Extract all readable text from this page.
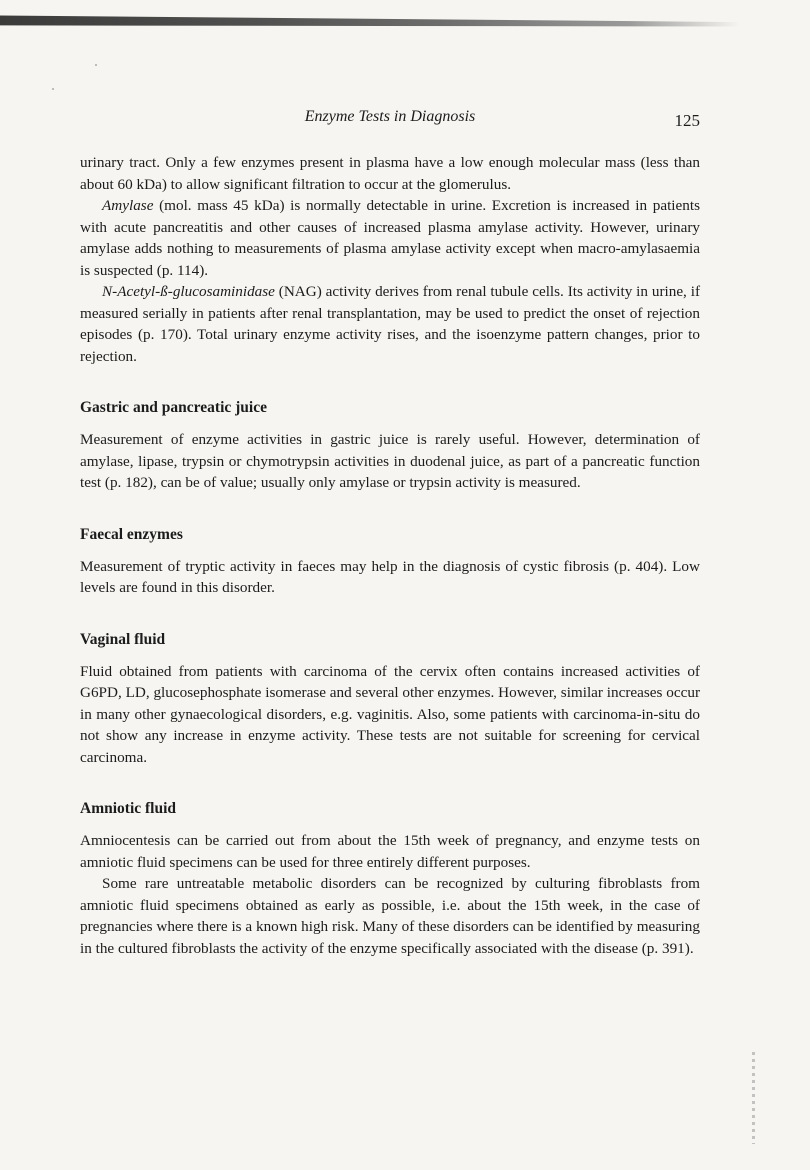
Enzyme Tests in Diagnosis	125

urinary tract. Only a few enzymes present in plasma have a low enough molecular mass (less than about 60 kDa) to allow significant filtration to occur at the glomerulus.

Amylase (mol. mass 45 kDa) is normally detectable in urine. Excretion is increased in patients with acute pancreatitis and other causes of increased plasma amylase activity. However, urinary amylase adds nothing to measurements of plasma amylase activity except when macro-amylasaemia is suspected (p. 114).

N-Acetyl-ß-glucosaminidase (NAG) activity derives from renal tubule cells. Its activity in urine, if measured serially in patients after renal transplantation, may be used to predict the onset of rejection episodes (p. 170). Total urinary enzyme activity rises, and the isoenzyme pattern changes, prior to rejection.

Gastric and pancreatic juice

Measurement of enzyme activities in gastric juice is rarely useful. However, determination of amylase, lipase, trypsin or chymotrypsin activities in duodenal juice, as part of a pancreatic function test (p. 182), can be of value; usually only amylase or trypsin activity is measured.

Faecal enzymes

Measurement of tryptic activity in faeces may help in the diagnosis of cystic fibrosis (p. 404). Low levels are found in this disorder.

Vaginal fluid

Fluid obtained from patients with carcinoma of the cervix often contains increased activities of G6PD, LD, glucosephosphate isomerase and several other enzymes. However, similar increases occur in many other gynaecological disorders, e.g. vaginitis. Also, some patients with carcinoma-in-situ do not show any increase in enzyme activity. These tests are not suitable for screening for cervical carcinoma.

Amniotic fluid

Amniocentesis can be carried out from about the 15th week of pregnancy, and enzyme tests on amniotic fluid specimens can be used for three entirely different purposes.

Some rare untreatable metabolic disorders can be recognized by culturing fibroblasts from amniotic fluid specimens obtained as early as possible, i.e. about the 15th week, in the case of pregnancies where there is a known high risk. Many of these disorders can be identified by measuring in the cultured fibroblasts the activity of the enzyme specifically associated with the disease (p. 391).
